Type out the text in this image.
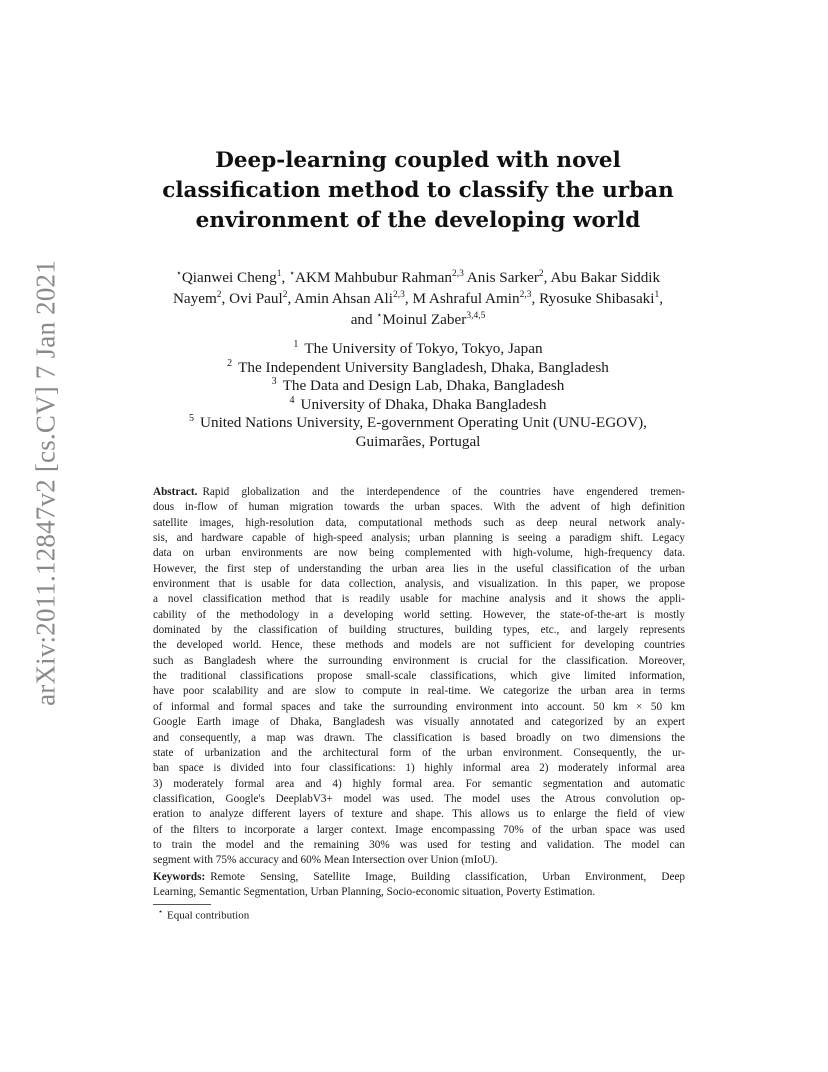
arXiv:2011.12847v2 [cs.CV] 7 Jan 2021
Deep-learning coupled with novel
classification method to classify the urban
environment of the developing world
⋆Qianwei Cheng$^1$, ⋆AKM Mahbubur Rahman$^{2,3}$ Anis Sarker$^2$, Abu Bakar Siddik
Nayem$^2$, Ovi Paul$^2$, Amin Ahsan Ali$^{2,3}$, M Ashraful Amin$^{2,3}$, Ryosuke Shibasaki$^1$,
and ⋆Moinul Zaber$^{3,4,5}$
$^1$ The University of Tokyo, Tokyo, Japan
$^2$ The Independent University Bangladesh, Dhaka, Bangladesh
$^3$ The Data and Design Lab, Dhaka, Bangladesh
$^4$ University of Dhaka, Dhaka Bangladesh
$^5$ United Nations University, E-government Operating Unit (UNU-EGOV),
Guimarães, Portugal
Abstract. Rapid globalization and the interdependence of the countries have engendered tremen-
dous in-flow of human migration towards the urban spaces. With the advent of high definition
satellite images, high-resolution data, computational methods such as deep neural network analy-
sis, and hardware capable of high-speed analysis; urban planning is seeing a paradigm shift. Legacy
data on urban environments are now being complemented with high-volume, high-frequency data.
However, the first step of understanding the urban area lies in the useful classification of the urban
environment that is usable for data collection, analysis, and visualization. In this paper, we propose
a novel classification method that is readily usable for machine analysis and it shows the appli-
cability of the methodology in a developing world setting. However, the state-of-the-art is mostly
dominated by the classification of building structures, building types, etc., and largely represents
the developed world. Hence, these methods and models are not sufficient for developing countries
such as Bangladesh where the surrounding environment is crucial for the classification. Moreover,
the traditional classifications propose small-scale classifications, which give limited information,
have poor scalability and are slow to compute in real-time. We categorize the urban area in terms
of informal and formal spaces and take the surrounding environment into account. 50 km × 50 km
Google Earth image of Dhaka, Bangladesh was visually annotated and categorized by an expert
and consequently, a map was drawn. The classification is based broadly on two dimensions the
state of urbanization and the architectural form of the urban environment. Consequently, the ur-
ban space is divided into four classifications: 1) highly informal area 2) moderately informal area
3) moderately formal area and 4) highly formal area. For semantic segmentation and automatic
classification, Google's DeeplabV3+ model was used. The model uses the Atrous convolution op-
eration to analyze different layers of texture and shape. This allows us to enlarge the field of view
of the filters to incorporate a larger context. Image encompassing 70% of the urban space was used
to train the model and the remaining 30% was used for testing and validation. The model can
segment with 75% accuracy and 60% Mean Intersection over Union (mIoU).
Keywords: Remote Sensing, Satellite Image, Building classification, Urban Environment, Deep
Learning, Semantic Segmentation, Urban Planning, Socio-economic situation, Poverty Estimation.
⋆ Equal contribution
